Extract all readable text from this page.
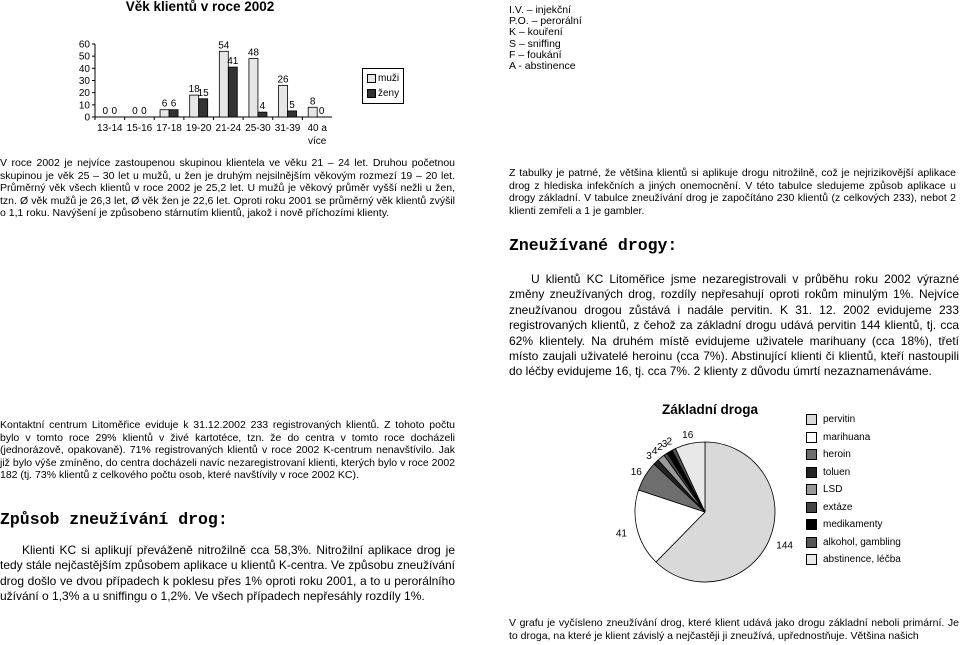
Věk klientů v roce 2002
0
10
20
30
40
50
60
13-14
0 0
15-16
0 0
17-18
6 6
19-20
18
15
21-24
54
41
25-30
48
4
31-39
26
5
40 a
více
8
0
muži
ženy
I.V. – injekční
P.O. – perorální
K – kouření
S – sniffing
F – foukání
A - abstinence

V roce 2002 je nejvíce zastoupenou skupinou klientela ve věku 21 – 24 let. Druhou početnou skupinou je věk 25 – 30 let u mužů, u žen je druhým nejsilnějším věkovým rozmezí 19 – 20 let. Průměrný věk všech klientů v roce 2002 je 25,2 let. U mužů je věkový průměr vyšší nežli u žen, tzn. Ø věk mužů je 26,3 let, Ø věk žen je 22,6 let. Oproti roku 2001 se průměrný věk klientů zvýšil o 1,1 roku. Navýšení je způsobeno stárnutím klientů, jakož i nově příchozími klienty.

Z tabulky je patrné, že většina klientů si aplikuje drogu nitrožilně, což je nejrizikovější aplikace drog z hlediska infekčních a jiných onemocnění. V této tabulce sledujeme způsob aplikace u drogy základní. V tabulce zneužívání drog je započítáno 230 klientů (z celkových 233), nebot 2 klienti zemřeli a 1 je gambler.

Zneužívané drogy:

U klientů KC Litoměřice jsme nezaregistrovali v průběhu roku 2002 výrazné změny zneužívaných drog, rozdíly nepřesahují oproti rokům minulým 1%. Nejvíce zneužívanou drogou zůstává i nadále pervitin. K 31. 12. 2002 evidujeme 233 registrovaných klientů, z čehož za základní drogu udává pervitin 144 klientů, tj. cca 62% klientely. Na druhém místě evidujeme uživatele marihuany (cca 18%), třetí místo zaujali uživatelé heroinu (cca 7%). Abstinující klienti či klientů, kteří nastoupili do léčby evidujeme 16, tj. cca 7%. 2 klienty z důvodu úmrtí nezaznamenáváme.

Kontaktní centrum Litoměřice eviduje k 31.12.2002 233 registrovaných klientů. Z tohoto počtu bylo v tomto roce 29% klientů v živé kartotéce, tzn. že do centra v tomto roce docházeli (jednorázově, opakovaně). 71% registrovaných klientů v roce 2002 K-centrum nenavštívilo. Jak již bylo výše zmíněno, do centra docházeli navíc nezaregistrovaní klienti, kterých bylo v roce 2002 182 (tj. 73% klientů z celkového počtu osob, které navštívily v roce 2002 KC).

Způsob zneužívání drog:

Klienti KC si aplikují převáženě nitrožilně cca 58,3%. Nitrožilní aplikace drog je tedy stále nejčastějším způsobem aplikace u klientů K-centra. Ve způsobu zneužívání drog došlo ve dvou případech k poklesu přes 1% oproti roku 2001, a to u perorálního užívání o 1,3% a u sniffingu o 1,2%. Ve všech případech nepřesáhly rozdíly 1%.

Základní droga
144
41
16
3 4 2 3 2
16
pervitin
marihuana
heroin
toluen
LSD
extáze
medikamenty
alkohol, gambling
abstinence, léčba

V grafu je vyčísleno zneužívání drog, které klient udává jako drogu základní neboli primární. Je to droga, na které je klient závislý a nejčastěji ji zneužívá, upřednostňuje. Většina našich
